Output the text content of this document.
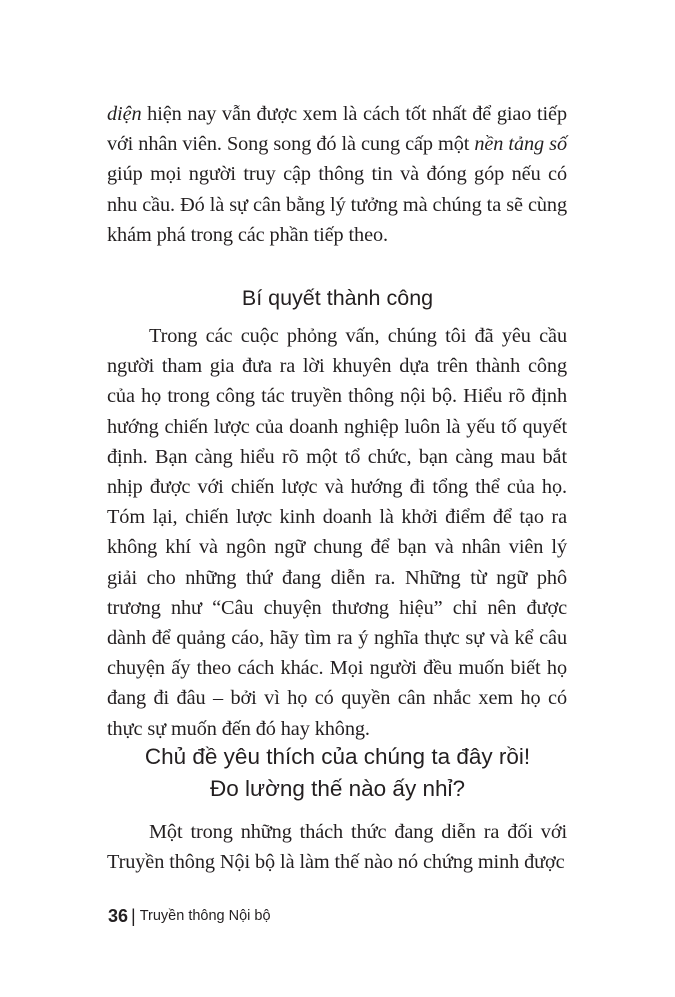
diện hiện nay vẫn được xem là cách tốt nhất để giao tiếp với nhân viên. Song song đó là cung cấp một nền tảng số giúp mọi người truy cập thông tin và đóng góp nếu có nhu cầu. Đó là sự cân bằng lý tưởng mà chúng ta sẽ cùng khám phá trong các phần tiếp theo.

Bí quyết thành công

Trong các cuộc phỏng vấn, chúng tôi đã yêu cầu người tham gia đưa ra lời khuyên dựa trên thành công của họ trong công tác truyền thông nội bộ. Hiểu rõ định hướng chiến lược của doanh nghiệp luôn là yếu tố quyết định. Bạn càng hiểu rõ một tổ chức, bạn càng mau bắt nhịp được với chiến lược và hướng đi tổng thể của họ. Tóm lại, chiến lược kinh doanh là khởi điểm để tạo ra không khí và ngôn ngữ chung để bạn và nhân viên lý giải cho những thứ đang diễn ra. Những từ ngữ phô trương như “Câu chuyện thương hiệu” chỉ nên được dành để quảng cáo, hãy tìm ra ý nghĩa thực sự và kể câu chuyện ấy theo cách khác. Mọi người đều muốn biết họ đang đi đâu – bởi vì họ có quyền cân nhắc xem họ có thực sự muốn đến đó hay không.

Chủ đề yêu thích của chúng ta đây rồi!
Đo lường thế nào ấy nhỉ?

Một trong những thách thức đang diễn ra đối với Truyền thông Nội bộ là làm thế nào nó chứng minh được

36 | Truyền thông Nội bộ
